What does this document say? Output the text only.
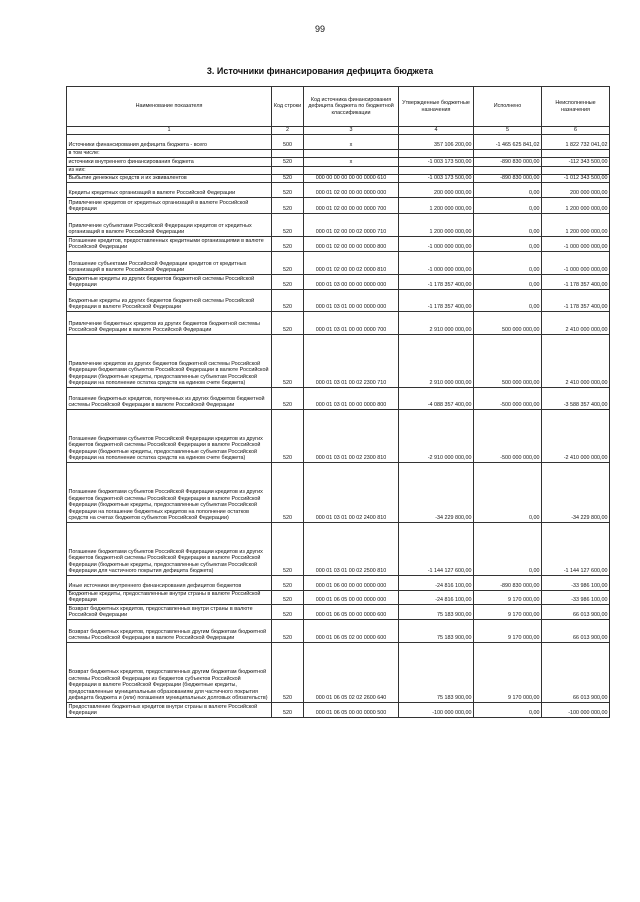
99
3. Источники финансирования дефицита бюджета
Наименование показателя	Код строки	Код источника финансирования дефицита бюджета по бюджетной классификации	Утвержденные бюджетные назначения	Исполнено	Неисполненные назначения
1	2	3	4	5	6
Источники финансирования дефицита бюджета - всего	500	x	357 106 200,00	-1 465 625 841,02	1 822 732 041,02
в том числе:					
источники внутреннего финансирования бюджета	520	x	-1 003 173 500,00	-890 830 000,00	-112 343 500,00
из них:					
Выбытие денежных средств и их эквивалентов	520	000 00 00 00 00 00 0000 610	-1 003 173 500,00	-890 830 000,00	-1 012 343 500,00
Кредиты кредитных организаций в валюте Российской Федерации	520	000 01 02 00 00 00 0000 000	200 000 000,00	0,00	200 000 000,00
Привлечение кредитов от кредитных организаций в валюте Российской Федерации	520	000 01 02 00 00 00 0000 700	1 200 000 000,00	0,00	1 200 000 000,00
Привлечение субъектами Российской Федерации кредитов от кредитных организаций в валюте Российской Федерации	520	000 01 02 00 00 02 0000 710	1 200 000 000,00	0,00	1 200 000 000,00
Погашение кредитов, предоставленных кредитными организациями в валюте Российской Федерации	520	000 01 02 00 00 00 0000 800	-1 000 000 000,00	0,00	-1 000 000 000,00
Погашение субъектами Российской Федерации кредитов от кредитных организаций в валюте Российской Федерации	520	000 01 02 00 00 02 0000 810	-1 000 000 000,00	0,00	-1 000 000 000,00
Бюджетные кредиты из других бюджетов бюджетной системы Российской Федерации	520	000 01 03 00 00 00 0000 000	-1 178 357 400,00	0,00	-1 178 357 400,00
Бюджетные кредиты из других бюджетов бюджетной системы Российской Федерации в валюте Российской Федерации	520	000 01 03 01 00 00 0000 000	-1 178 357 400,00	0,00	-1 178 357 400,00
Привлечение бюджетных кредитов из других бюджетов бюджетной системы Российской Федерации в валюте Российской Федерации	520	000 01 03 01 00 00 0000 700	2 910 000 000,00	500 000 000,00	2 410 000 000,00
Привлечение кредитов из других бюджетов бюджетной системы Российской Федерации бюджетами субъектов Российской Федерации в валюте Российской Федерации (бюджетные кредиты, предоставленные субъектам Российской Федерации на пополнение остатка средств на едином счете бюджета)	520	000 01 03 01 00 02 2300 710	2 910 000 000,00	500 000 000,00	2 410 000 000,00
Погашение бюджетных кредитов, полученных из других бюджетов бюджетной системы Российской Федерации в валюте Российской Федерации	520	000 01 03 01 00 00 0000 800	-4 088 357 400,00	-500 000 000,00	-3 588 357 400,00
Погашение бюджетами субъектов Российской Федерации кредитов из других бюджетов бюджетной системы Российской Федерации в валюте Российской Федерации (бюджетные кредиты, предоставленные субъектам Российской Федерации на пополнение остатка средств на едином счете бюджета)	520	000 01 03 01 00 02 2300 810	-2 910 000 000,00	-500 000 000,00	-2 410 000 000,00
Погашение бюджетами субъектов Российской Федерации кредитов из других бюджетов бюджетной системы Российской Федерации в валюте Российской Федерации (бюджетные кредиты, предоставленные субъектам Российской Федерации на погашение бюджетных кредитов на пополнение остатков средств на счетах бюджетов субъектов Российской Федерации)	520	000 01 03 01 00 02 2400 810	-34 229 800,00	0,00	-34 229 800,00
Погашение бюджетами субъектов Российской Федерации кредитов из других бюджетов бюджетной системы Российской Федерации в валюте Российской Федерации (бюджетные кредиты, предоставленные субъектам Российской Федерации для частичного покрытия дефицита бюджета)	520	000 01 03 01 00 02 2500 810	-1 144 127 600,00	0,00	-1 144 127 600,00
Иные источники внутреннего финансирования дефицитов бюджетов	520	000 01 06 00 00 00 0000 000	-24 816 100,00	-890 830 000,00	-33 986 100,00
Бюджетные кредиты, предоставленные внутри страны в валюте Российской Федерации	520	000 01 06 05 00 00 0000 000	-24 816 100,00	9 170 000,00	-33 986 100,00
Возврат бюджетных кредитов, предоставленных внутри страны в валюте Российской Федерации	520	000 01 06 05 00 00 0000 600	75 183 900,00	9 170 000,00	66 013 900,00
Возврат бюджетных кредитов, предоставленных другим бюджетам бюджетной системы Российской Федерации в валюте Российской Федерации	520	000 01 06 05 02 00 0000 600	75 183 900,00	9 170 000,00	66 013 900,00
Возврат бюджетных кредитов, предоставленных другим бюджетам бюджетной системы Российской Федерации из бюджетов субъектов Российской Федерации в валюте Российской Федерации (бюджетные кредиты, предоставленные муниципальным образованиям для частичного покрытия дефицита бюджета и (или) погашения муниципальных долговых обязательств)	520	000 01 06 05 02 02 2600 640	75 183 900,00	9 170 000,00	66 013 900,00
Предоставление бюджетных кредитов внутри страны в валюте Российской Федерации	520	000 01 06 05 00 00 0000 500	-100 000 000,00	0,00	-100 000 000,00
